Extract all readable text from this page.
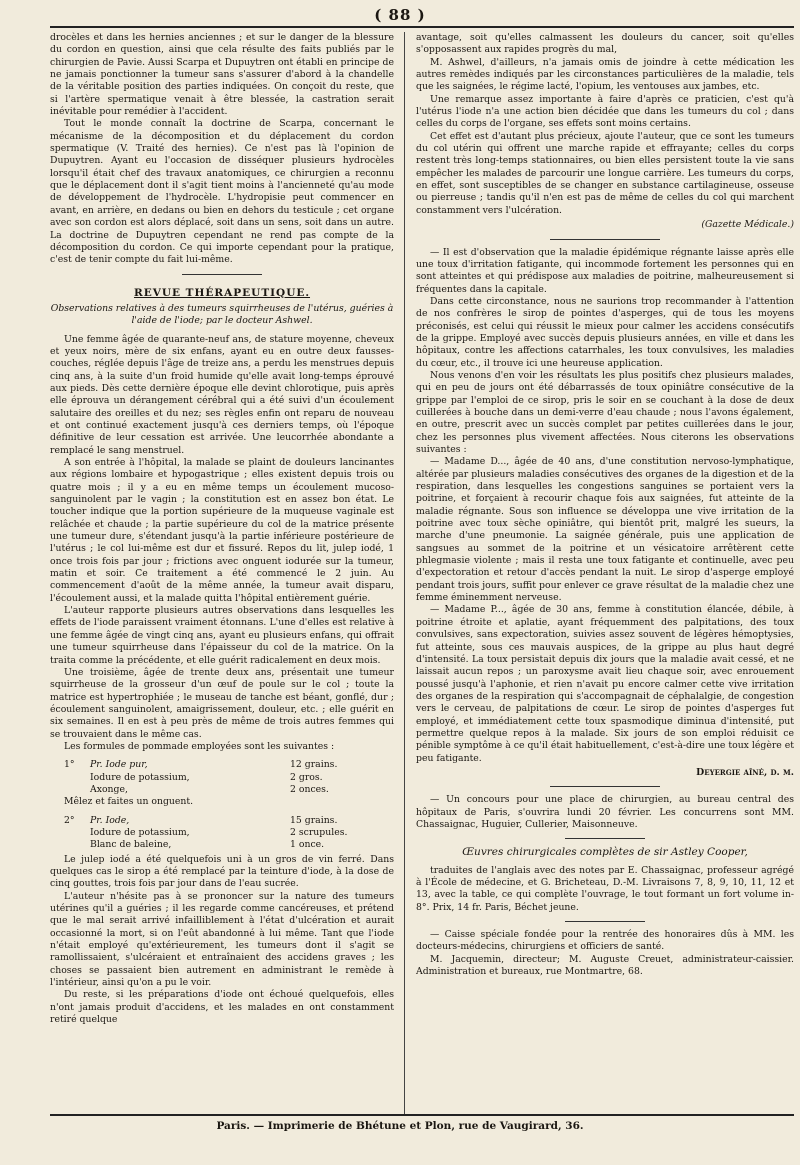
( 88 )

drocèles et dans les hernies anciennes ; et sur le danger de la blessure du cordon en question, ainsi que cela résulte des faits publiés par le chirurgien de Pavie. Aussi Scarpa et Dupuytren ont établi en principe de ne jamais ponctionner la tumeur sans s'assurer d'abord à la chandelle de la véritable position des parties indiquées. On conçoit du reste, que si l'artère spermatique venait à être blessée, la castration serait inévitable pour remédier à l'accident.

Tout le monde connaît la doctrine de Scarpa, concernant le mécanisme de la décomposition et du déplacement du cordon spermatique (V. Traité des hernies). Ce n'est pas là l'opinion de Dupuytren. Ayant eu l'occasion de disséquer plusieurs hydrocèles lorsqu'il était chef des travaux anatomiques, ce chirurgien a reconnu que le déplacement dont il s'agit tient moins à l'ancienneté qu'au mode de développement de l'hydrocèle. L'hydropisie peut commencer en avant, en arrière, en dedans ou bien en dehors du testicule ; cet organe avec son cordon est alors déplacé, soit dans un sens, soit dans un autre. La doctrine de Dupuytren cependant ne rend pas compte de la décomposition du cordon. Ce qui importe cependant pour la pratique, c'est de tenir compte du fait lui-même.

REVUE THÉRAPEUTIQUE.

Observations relatives à des tumeurs squirrheuses de l'utérus, guéries à l'aide de l'iode; par le docteur Ashwel.

Une femme âgée de quarante-neuf ans, de stature moyenne, cheveux et yeux noirs, mère de six enfans, ayant eu en outre deux fausses-couches, réglée depuis l'âge de treize ans, a perdu les menstrues depuis cinq ans, à la suite d'un froid humide qu'elle avait long-temps éprouvé aux pieds. Dès cette dernière époque elle devint chlorotique, puis après elle éprouva un dérangement cérébral qui a été suivi d'un écoulement salutaire des oreilles et du nez; ses règles enfin ont reparu de nouveau et ont continué exactement jusqu'à ces derniers temps, où l'époque définitive de leur cessation est arrivée. Une leucorrhée abondante a remplacé le sang menstruel.

A son entrée à l'hôpital, la malade se plaint de douleurs lancinantes aux régions lombaire et hypogastrique ; elles existent depuis trois ou quatre mois ; il y a eu en même temps un écoulement mucoso-sanguinolent par le vagin ; la constitution est en assez bon état. Le toucher indique que la portion supérieure de la muqueuse vaginale est relâchée et chaude ; la partie supérieure du col de la matrice présente une tumeur dure, s'étendant jusqu'à la partie inférieure postérieure de l'utérus ; le col lui-même est dur et fissuré. Repos du lit, julep iodé, 1 once trois fois par jour ; frictions avec onguent iodurée sur la tumeur, matin et soir. Ce traitement a été commencé le 2 juin. Au commencement d'août de la même année, la tumeur avait disparu, l'écoulement aussi, et la malade quitta l'hôpital entièrement guérie.

L'auteur rapporte plusieurs autres observations dans lesquelles les effets de l'iode paraissent vraiment étonnans. L'une d'elles est relative à une femme âgée de vingt cinq ans, ayant eu plusieurs enfans, qui offrait une tumeur squirrheuse dans l'épaisseur du col de la matrice. On la traita comme la précédente, et elle guérit radicalement en deux mois.

Une troisième, âgée de trente deux ans, présentait une tumeur squirrheuse de la grosseur d'un œuf de poule sur le col ; toute la matrice est hypertrophiée ; le museau de tanche est béant, gonflé, dur ; écoulement sanguinolent, amaigrissement, douleur, etc. ; elle guérit en six semaines. Il en est à peu près de même de trois autres femmes qui se trouvaient dans le même cas.

Les formules de pommade employées sont les suivantes :

1°	Pr. Iode pur,	12 grains.
Iodure de potassium,	2 gros.
Axonge,	2 onces.
Mêlez et faites un onguent.
2°	Pr. Iode,	15 grains.
Iodure de potassium,	2 scrupules.
Blanc de baleine,	1 once.

Le julep iodé a été quelquefois uni à un gros de vin ferré. Dans quelques cas le sirop a été remplacé par la teinture d'iode, à la dose de cinq gouttes, trois fois par jour dans de l'eau sucrée.

L'auteur n'hésite pas à se prononcer sur la nature des tumeurs utérines qu'il a guéries ; il les regarde comme cancéreuses, et prétend que le mal serait arrivé infailliblement à l'état d'ulcération et aurait occasionné la mort, si on l'eût abandonné à lui même. Tant que l'iode n'était employé qu'extérieurement, les tumeurs dont il s'agit se ramollissaient, s'ulcéraient et entraînaient des accidens graves ; les choses se passaient bien autrement en administrant le remède à l'intérieur, ainsi qu'on a pu le voir.

Du reste, si les préparations d'iode ont échoué quelquefois, elles n'ont jamais produit d'accidens, et les malades en ont constamment retiré quelque

avantage, soit qu'elles calmassent les douleurs du cancer, soit qu'elles s'opposassent aux rapides progrès du mal,

M. Ashwel, d'ailleurs, n'a jamais omis de joindre à cette médication les autres remèdes indiqués par les circonstances particulières de la maladie, tels que les saignées, le régime lacté, l'opium, les ventouses aux jambes, etc.

Une remarque assez importante à faire d'après ce praticien, c'est qu'à l'utérus l'iode n'a une action bien décidée que dans les tumeurs du col ; dans celles du corps de l'organe, ses effets sont moins certains.

Cet effet est d'autant plus précieux, ajoute l'auteur, que ce sont les tumeurs du col utérin qui offrent une marche rapide et effrayante; celles du corps restent très long-temps stationnaires, ou bien elles persistent toute la vie sans empêcher les malades de parcourir une longue carrière. Les tumeurs du corps, en effet, sont susceptibles de se changer en substance cartilagineuse, osseuse ou pierreuse ; tandis qu'il n'en est pas de même de celles du col qui marchent constamment vers l'ulcération.

(Gazette Médicale.)

— Il est d'observation que la maladie épidémique régnante laisse après elle une toux d'irritation fatigante, qui incommode fortement les personnes qui en sont atteintes et qui prédispose aux maladies de poitrine, malheureusement si fréquentes dans la capitale.

Dans cette circonstance, nous ne saurions trop recommander à l'attention de nos confrères le sirop de pointes d'asperges, qui de tous les moyens préconisés, est celui qui réussit le mieux pour calmer les accidens consécutifs de la grippe. Employé avec succès depuis plusieurs années, en ville et dans les hôpitaux, contre les affections catarrhales, les toux convulsives, les maladies du cœur, etc., il trouve ici une heureuse application.

Nous venons d'en voir les résultats les plus positifs chez plusieurs malades, qui en peu de jours ont été débarrassés de toux opiniâtre consécutive de la grippe par l'emploi de ce sirop, pris le soir en se couchant à la dose de deux cuillerées à bouche dans un demi-verre d'eau chaude ; nous l'avons également, en outre, prescrit avec un succès complet par petites cuillerées dans le jour, chez les personnes plus vivement affectées. Nous citerons les observations suivantes :

— Madame D..., âgée de 40 ans, d'une constitution nervoso-lymphatique, altérée par plusieurs maladies consécutives des organes de la digestion et de la respiration, dans lesquelles les congestions sanguines se portaient vers la poitrine, et forçaient à recourir chaque fois aux saignées, fut atteinte de la maladie régnante. Sous son influence se développa une vive irritation de la poitrine avec toux sèche opiniâtre, qui bientôt prit, malgré les sueurs, la marche d'une pneumonie. La saignée générale, puis une application de sangsues au sommet de la poitrine et un vésicatoire arrêtèrent cette phlegmasie violente ; mais il resta une toux fatigante et continuelle, avec peu d'expectoration et retour d'accès pendant la nuit. Le sirop d'asperge employé pendant trois jours, suffit pour enlever ce grave résultat de la maladie chez une femme éminemment nerveuse.

— Madame P..., âgée de 30 ans, femme à constitution élancée, débile, à poitrine étroite et aplatie, ayant fréquemment des palpitations, des toux convulsives, sans expectoration, suivies assez souvent de légères hémoptysies, fut atteinte, sous ces mauvais auspices, de la grippe au plus haut degré d'intensité. La toux persistait depuis dix jours que la maladie avait cessé, et ne laissait aucun repos ; un paroxysme avait lieu chaque soir, avec enrouement poussé jusqu'à l'aphonie, et rien n'avait pu encore calmer cette vive irritation des organes de la respiration qui s'accompagnait de céphalalgie, de congestion vers le cerveau, de palpitations de cœur. Le sirop de pointes d'asperges fut employé, et immédiatement cette toux spasmodique diminua d'intensité, put permettre quelque repos à la malade. Six jours de son emploi réduisit ce pénible symptôme à ce qu'il était habituellement, c'est-à-dire une toux légère et peu fatigante.

Deyergie aîné, d. m.

— Un concours pour une place de chirurgien, au bureau central des hôpitaux de Paris, s'ouvrira lundi 20 février. Les concurrens sont MM. Chassaignac, Huguier, Cullerier, Maisonneuve.

Œuvres chirurgicales complètes de sir Astley Cooper,

traduites de l'anglais avec des notes par E. Chassaignac, professeur agrégé à l'École de médecine, et G. Bricheteau, D.-M. Livraisons 7, 8, 9, 10, 11, 12 et 13, avec la table, ce qui complète l'ouvrage, le tout formant un fort volume in-8°. Prix, 14 fr. Paris, Béchet jeune.

— Caisse spéciale fondée pour la rentrée des honoraires dûs à MM. les docteurs-médecins, chirurgiens et officiers de santé.

M. Jacquemin, directeur; M. Auguste Creuet, administrateur-caissier. Administration et bureaux, rue Montmartre, 68.

Paris. — Imprimerie de Bhétune et Plon, rue de Vaugirard, 36.
